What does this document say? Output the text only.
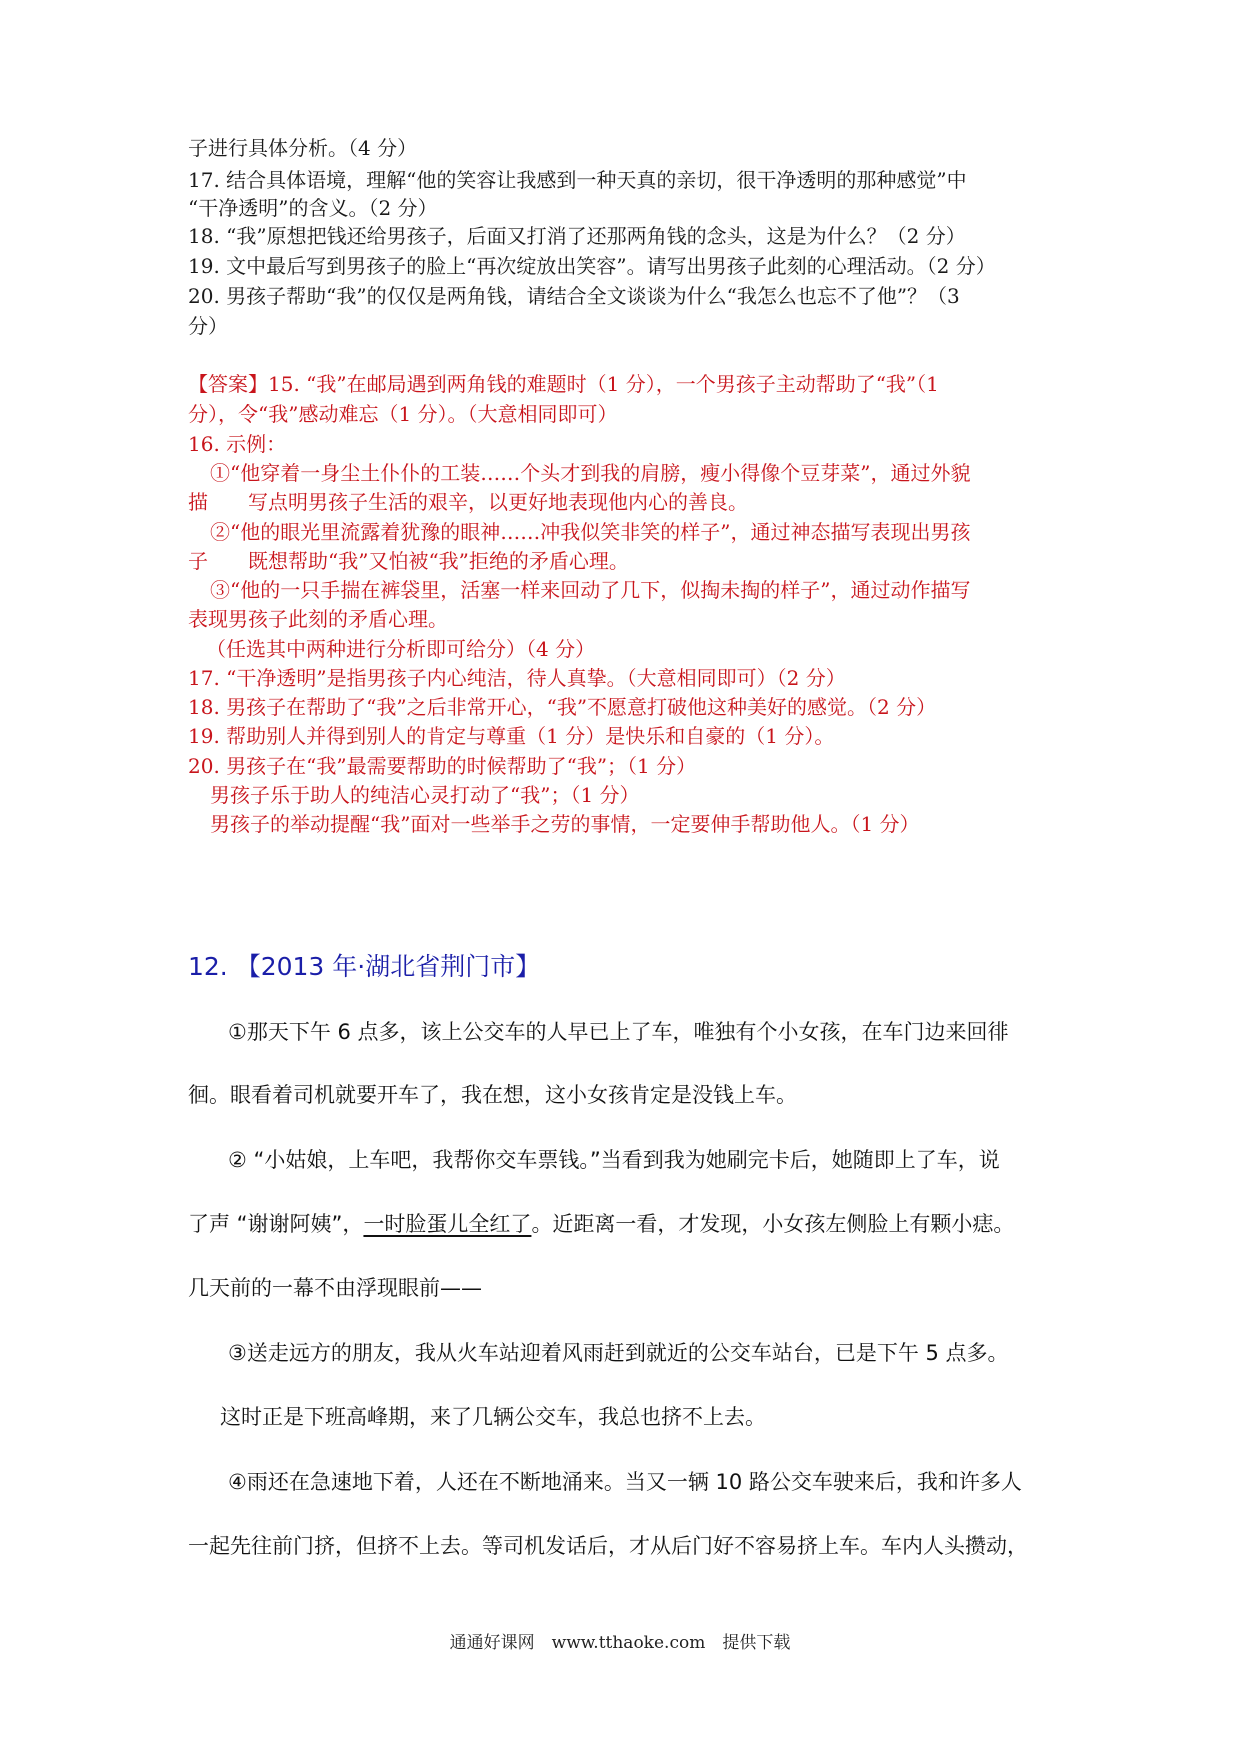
子进行具体分析。（4 分）
17. 结合具体语境，理解“他的笑容让我感到一种天真的亲切，很干净透明的那种感觉”中
“干净透明”的含义。（2 分）
18. “我”原想把钱还给男孩子，后面又打消了还那两角钱的念头，这是为什么？（2 分）
19. 文中最后写到男孩子的脸上“再次绽放出笑容”。请写出男孩子此刻的心理活动。（2 分）
20. 男孩子帮助“我”的仅仅是两角钱，请结合全文谈谈为什么“我怎么也忘不了他”？（3
分）
【答案】15. “我”在邮局遇到两角钱的难题时（1 分），一个男孩子主动帮助了“我”（1
分），令“我”感动难忘（1 分）。（大意相同即可）
16. 示例：
①“他穿着一身尘土仆仆的工装……个头才到我的肩膀，瘦小得像个豆芽菜”，通过外貌
描　　写点明男孩子生活的艰辛，以更好地表现他内心的善良。
②“他的眼光里流露着犹豫的眼神……冲我似笑非笑的样子”，通过神态描写表现出男孩
子　　既想帮助“我”又怕被“我”拒绝的矛盾心理。
③“他的一只手揣在裤袋里，活塞一样来回动了几下，似掏未掏的样子”，通过动作描写
表现男孩子此刻的矛盾心理。
（任选其中两种进行分析即可给分）（4 分）
17. “干净透明”是指男孩子内心纯洁，待人真挚。（大意相同即可）（2 分）
18. 男孩子在帮助了“我”之后非常开心，“我”不愿意打破他这种美好的感觉。（2 分）
19. 帮助别人并得到别人的肯定与尊重（1 分）是快乐和自豪的（1 分）。
20. 男孩子在“我”最需要帮助的时候帮助了“我”；（1 分）
男孩子乐于助人的纯洁心灵打动了“我”；（1 分）
男孩子的举动提醒“我”面对一些举手之劳的事情，一定要伸手帮助他人。（1 分）
12. 【2013 年·湖北省荆门市】
①那天下午 6 点多，该上公交车的人早已上了车，唯独有个小女孩，在车门边来回徘
徊。眼看着司机就要开车了，我在想，这小女孩肯定是没钱上车。
② “小姑娘，上车吧，我帮你交车票钱。”当看到我为她刷完卡后，她随即上了车，说
了声 “谢谢阿姨”，一时脸蛋儿全红了。近距离一看，才发现，小女孩左侧脸上有颗小痣。
几天前的一幕不由浮现眼前——
③送走远方的朋友，我从火车站迎着风雨赶到就近的公交车站台，已是下午 5 点多。
这时正是下班高峰期，来了几辆公交车，我总也挤不上去。
④雨还在急速地下着，人还在不断地涌来。当又一辆 10 路公交车驶来后，我和许多人
一起先往前门挤，但挤不上去。等司机发话后，才从后门好不容易挤上车。车内人头攒动，
通通好课网　www.tthaoke.com　提供下载
